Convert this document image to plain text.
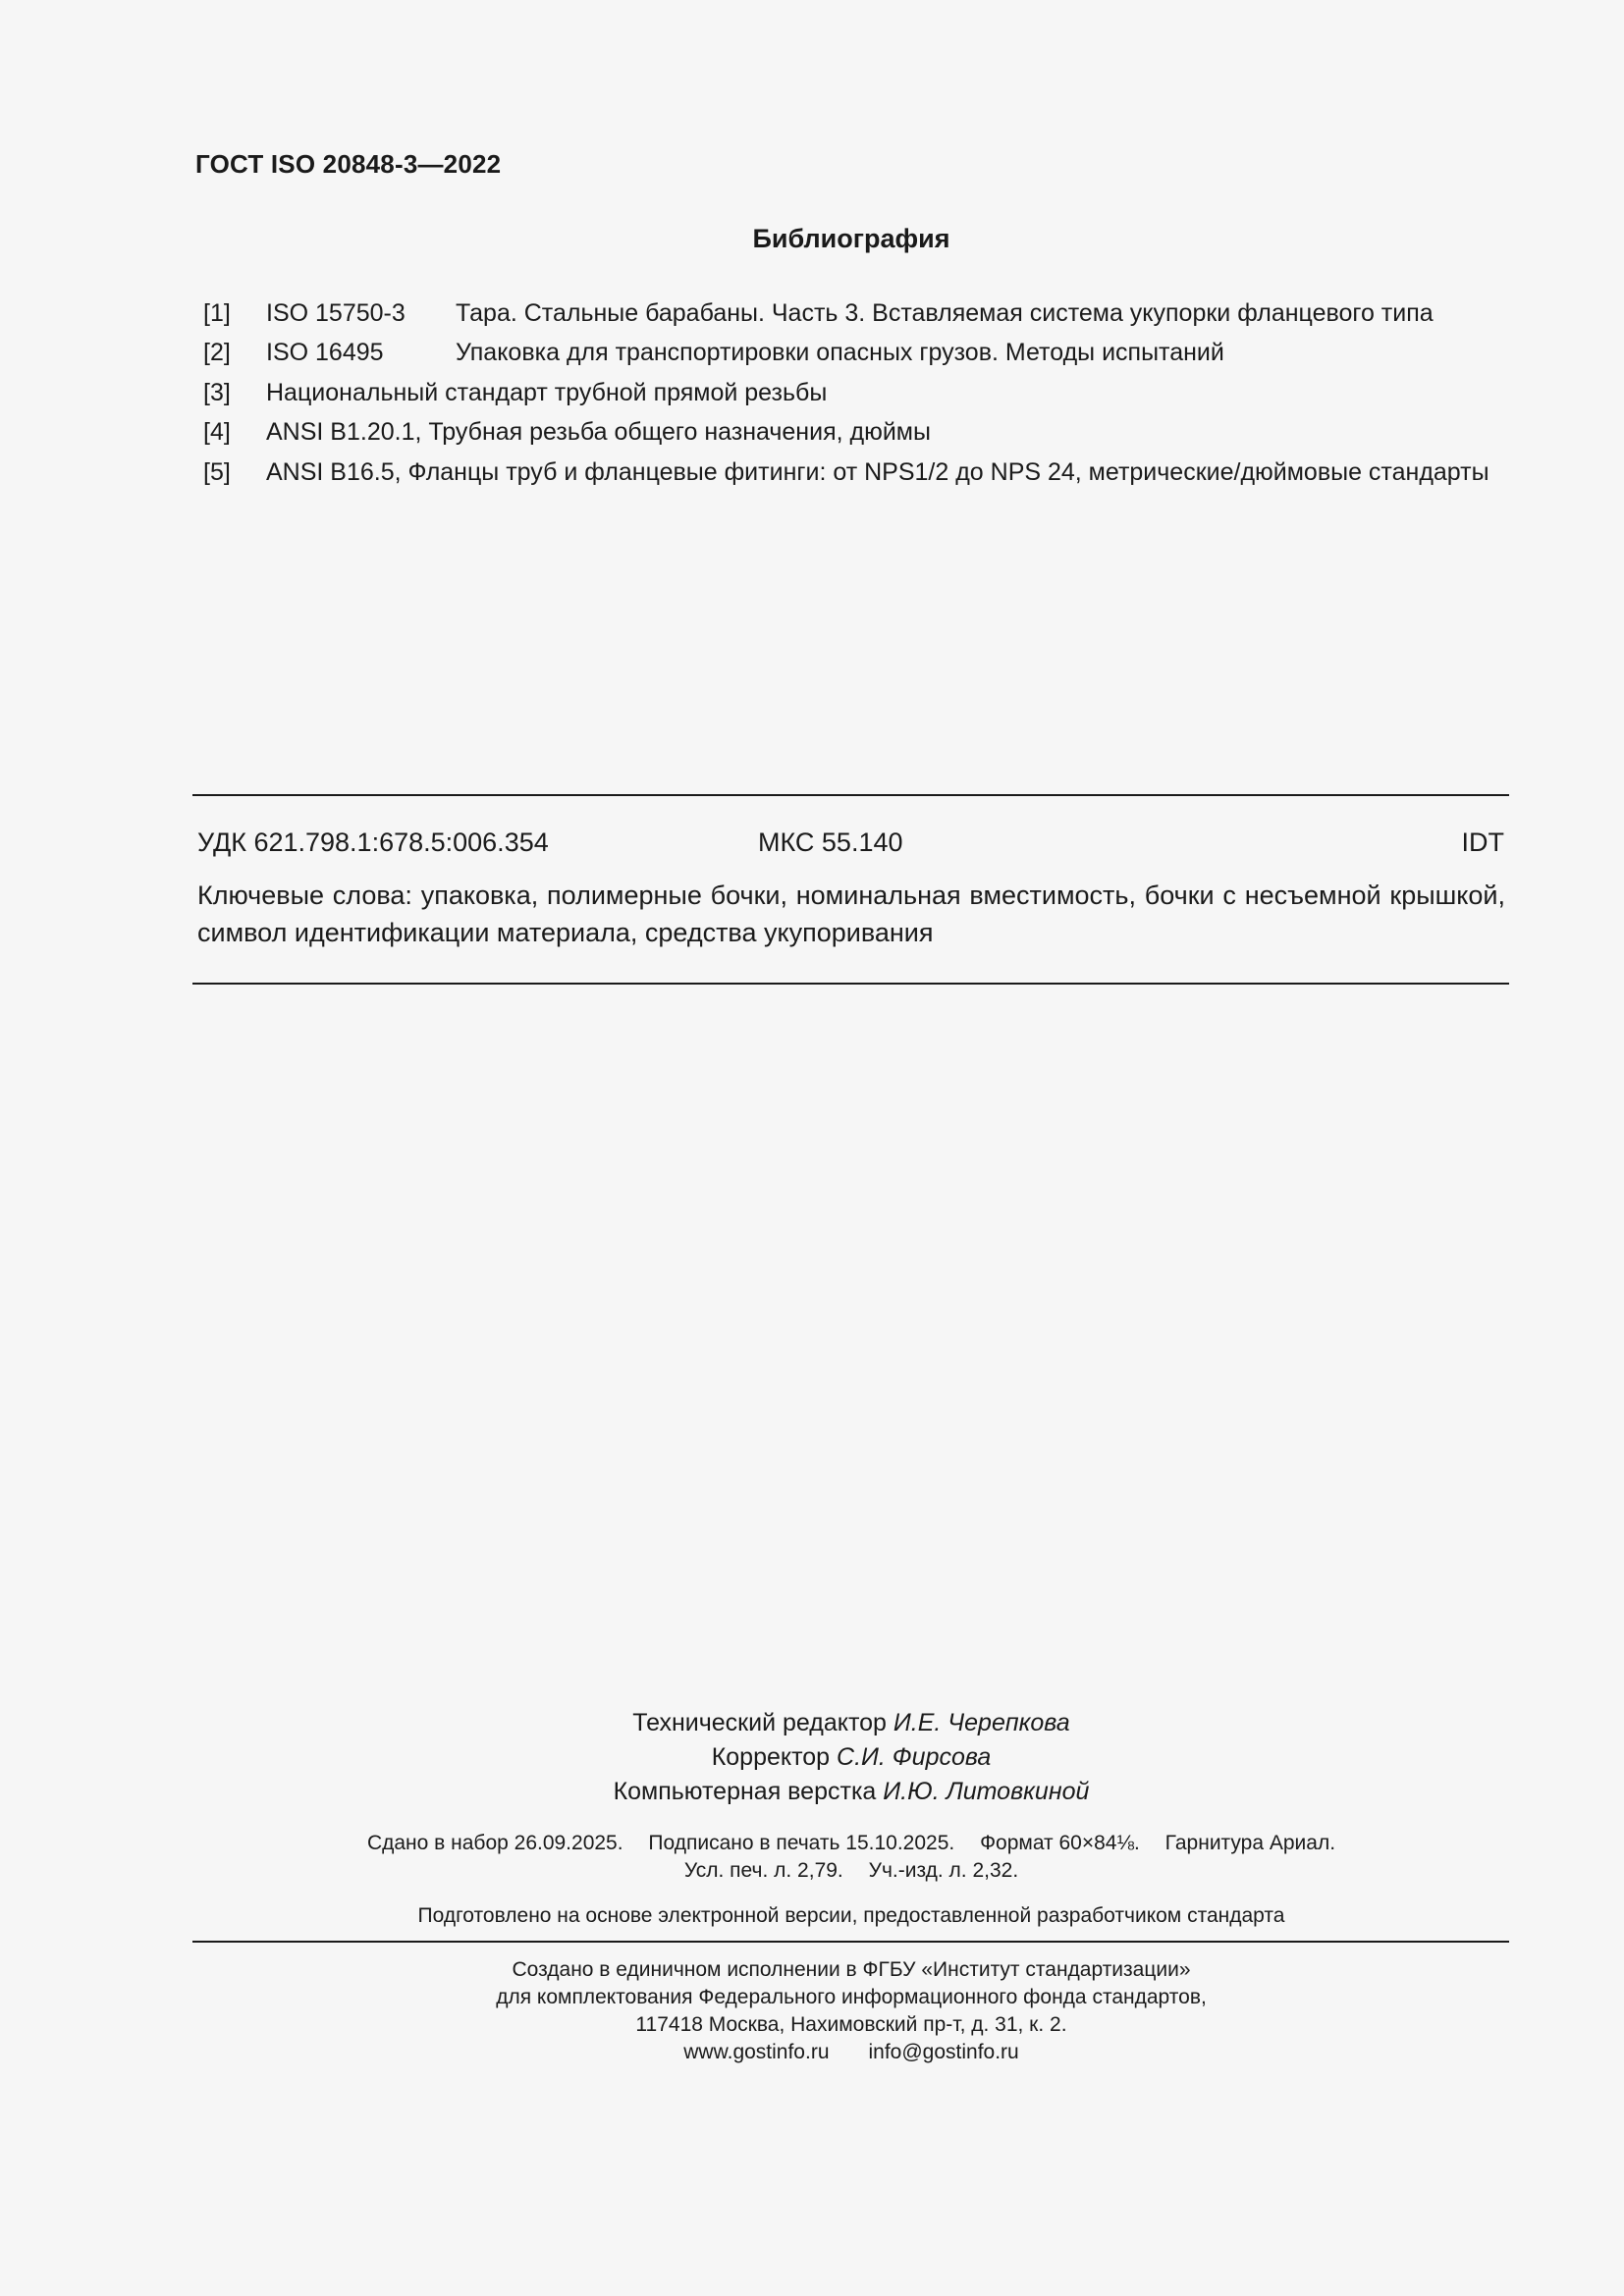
ГОСТ ISO 20848-3—2022
Библиография
[1] ISO 15750-3 Тара. Стальные барабаны. Часть 3. Вставляемая система укупорки фланцевого типа
[2] ISO 16495	Упаковка для транспортировки опасных грузов. Методы испытаний
[3] Национальный стандарт трубной прямой резьбы
[4] ANSI B1.20.1, Трубная резьба общего назначения, дюймы
[5] ANSI B16.5, Фланцы труб и фланцевые фитинги: от NPS1/2 до NPS 24, метрические/дюймовые стандарты
УДК 621.798.1:678.5:006.354	МКС 55.140	IDT
Ключевые слова: упаковка, полимерные бочки, номинальная вместимость, бочки с несъемной крышкой, символ идентификации материала, средства укупоривания
Технический редактор И.Е. Черепкова
Корректор С.И. Фирсова
Компьютерная верстка И.Ю. Литовкиной
Сдано в набор 26.09.2025. Подписано в печать 15.10.2025. Формат 60×84⅛. Гарнитура Ариал.
Усл. печ. л. 2,79. Уч.-изд. л. 2,32.
Подготовлено на основе электронной версии, предоставленной разработчиком стандарта
Создано в единичном исполнении в ФГБУ «Институт стандартизации»
для комплектования Федерального информационного фонда стандартов,
117418 Москва, Нахимовский пр-т, д. 31, к. 2.
www.gostinfo.ru info@gostinfo.ru
